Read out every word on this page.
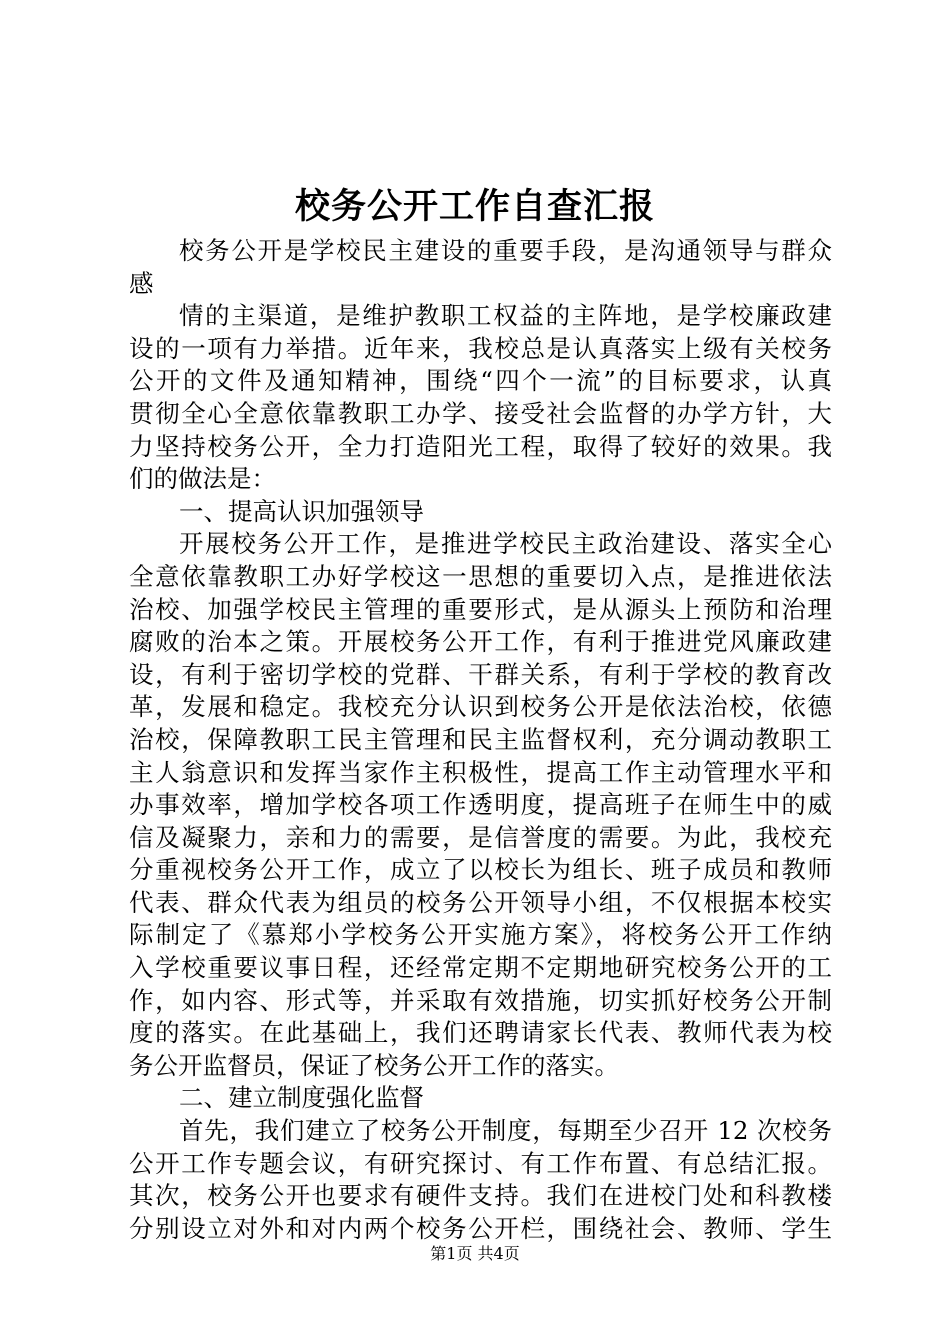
校务公开工作自查汇报
校务公开是学校民主建设的重要手段，是沟通领导与群众
感
情的主渠道，是维护教职工权益的主阵地，是学校廉政建
设的一项有力举措。近年来，我校总是认真落实上级有关校务
公开的文件及通知精神，围绕“四个一流”的目标要求，认真
贯彻全心全意依靠教职工办学、接受社会监督的办学方针，大
力坚持校务公开，全力打造阳光工程，取得了较好的效果。我
们的做法是：
一、提高认识加强领导
开展校务公开工作，是推进学校民主政治建设、落实全心
全意依靠教职工办好学校这一思想的重要切入点，是推进依法
治校、加强学校民主管理的重要形式，是从源头上预防和治理
腐败的治本之策。开展校务公开工作，有利于推进党风廉政建
设，有利于密切学校的党群、干群关系，有利于学校的教育改
革，发展和稳定。我校充分认识到校务公开是依法治校，依德
治校，保障教职工民主管理和民主监督权利，充分调动教职工
主人翁意识和发挥当家作主积极性，提高工作主动管理水平和
办事效率，增加学校各项工作透明度，提高班子在师生中的威
信及凝聚力，亲和力的需要，是信誉度的需要。为此，我校充
分重视校务公开工作，成立了以校长为组长、班子成员和教师
代表、群众代表为组员的校务公开领导小组，不仅根据本校实
际制定了《慕郑小学校务公开实施方案》，将校务公开工作纳
入学校重要议事日程，还经常定期不定期地研究校务公开的工
作，如内容、形式等，并采取有效措施，切实抓好校务公开制
度的落实。在此基础上，我们还聘请家长代表、教师代表为校
务公开监督员，保证了校务公开工作的落实。
二、建立制度强化监督
首先，我们建立了校务公开制度，每期至少召开 12 次校务
公开工作专题会议，有研究探讨、有工作布置、有总结汇报。
其次，校务公开也要求有硬件支持。我们在进校门处和科教楼
分别设立对外和对内两个校务公开栏，围绕社会、教师、学生
第1页 共4页
